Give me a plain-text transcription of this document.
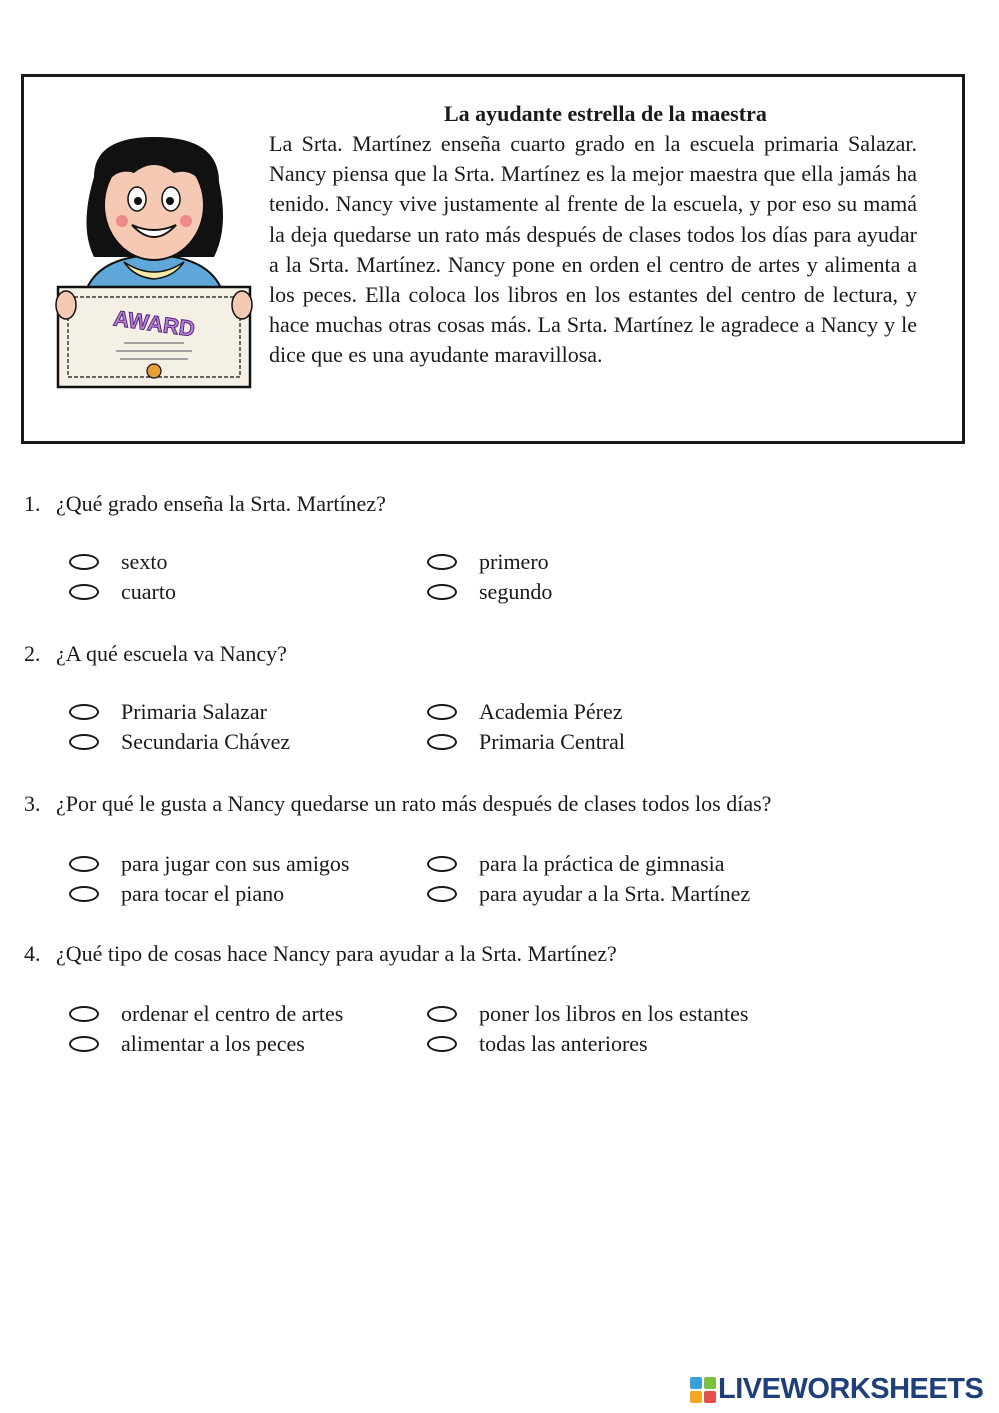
AWARD
La ayudante estrella de la maestra
La Srta. Martínez enseña cuarto grado en la escuela primaria Salazar. Nancy piensa que la Srta. Martínez es la mejor maestra que ella jamás ha tenido. Nancy vive justamente al frente de la escuela, y por eso su mamá la deja quedarse un rato más después de clases todos los días para ayudar a la Srta. Martínez. Nancy pone en orden el centro de artes y alimenta a los peces. Ella coloca los libros en los estantes del centro de lectura, y hace muchas otras cosas más. La Srta. Martínez le agradece a Nancy y le dice que es una ayudante maravillosa.
1. ¿Qué grado enseña la Srta. Martínez?
sexto
cuarto
primero
segundo
2. ¿A qué escuela va Nancy?
Primaria Salazar
Secundaria Chávez
Academia Pérez
Primaria Central
3. ¿Por qué le gusta a Nancy quedarse un rato más después de clases todos los días?
para jugar con sus amigos
para tocar el piano
para la práctica de gimnasia
para ayudar a la Srta. Martínez
4. ¿Qué tipo de cosas hace Nancy para ayudar a la Srta. Martínez?
ordenar el centro de artes
alimentar a los peces
poner los libros en los estantes
todas las anteriores
LIVEWORKSHEETS
